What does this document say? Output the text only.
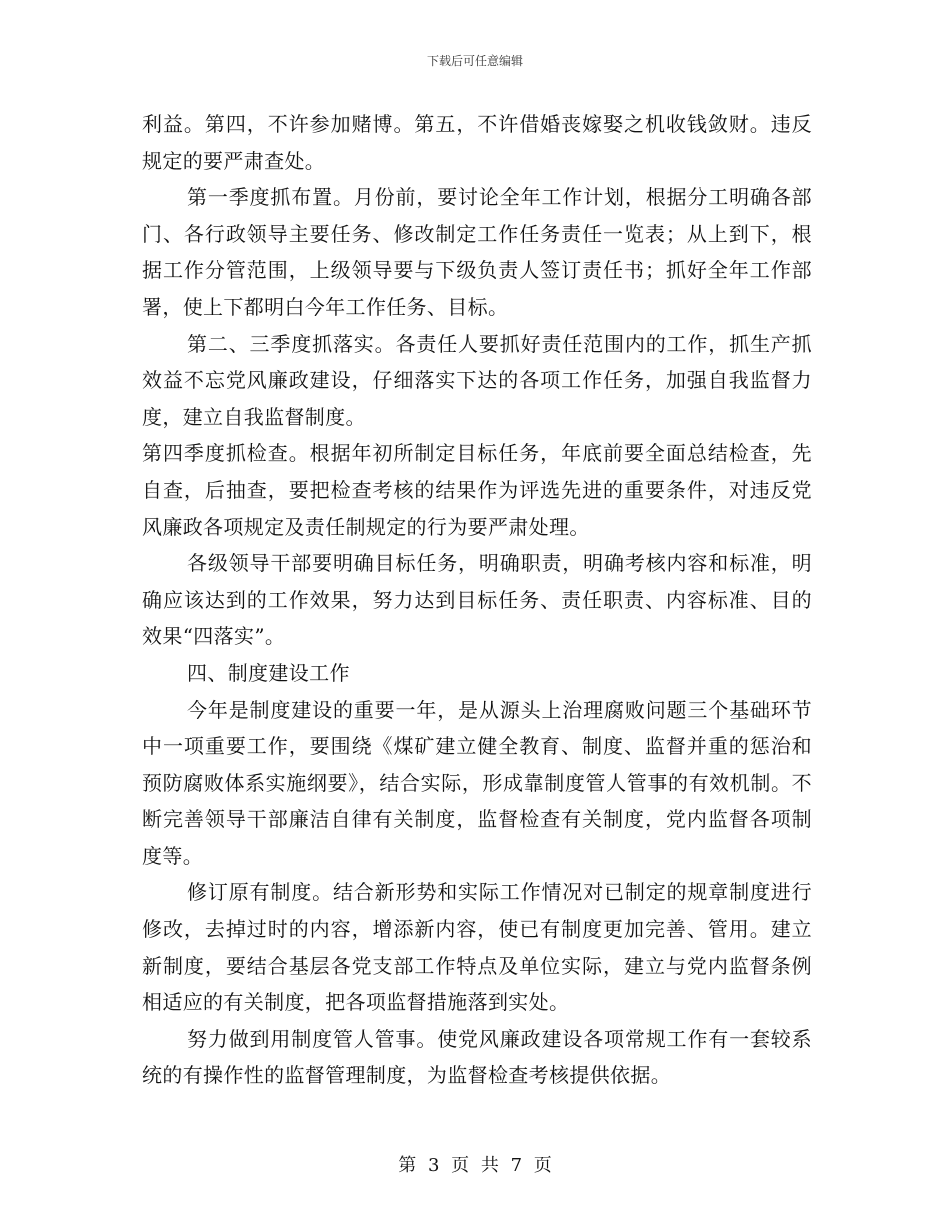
下载后可任意编辑

利益。第四，不许参加赌博。第五，不许借婚丧嫁娶之机收钱敛财。违反规定的要严肃查处。

第一季度抓布置。月份前，要讨论全年工作计划，根据分工明确各部门、各行政领导主要任务、修改制定工作任务责任一览表；从上到下，根据工作分管范围，上级领导要与下级负责人签订责任书；抓好全年工作部署，使上下都明白今年工作任务、目标。

第二、三季度抓落实。各责任人要抓好责任范围内的工作，抓生产抓效益不忘党风廉政建设，仔细落实下达的各项工作任务，加强自我监督力度，建立自我监督制度。

第四季度抓检查。根据年初所制定目标任务，年底前要全面总结检查，先自查，后抽查，要把检查考核的结果作为评选先进的重要条件，对违反党风廉政各项规定及责任制规定的行为要严肃处理。

各级领导干部要明确目标任务，明确职责，明确考核内容和标准，明确应该达到的工作效果，努力达到目标任务、责任职责、内容标准、目的效果“四落实”。

四、制度建设工作

今年是制度建设的重要一年，是从源头上治理腐败问题三个基础环节中一项重要工作，要围绕《煤矿建立健全教育、制度、监督并重的惩治和预防腐败体系实施纲要》，结合实际，形成靠制度管人管事的有效机制。不断完善领导干部廉洁自律有关制度，监督检查有关制度，党内监督各项制度等。

修订原有制度。结合新形势和实际工作情况对已制定的规章制度进行修改，去掉过时的内容，增添新内容，使已有制度更加完善、管用。建立新制度，要结合基层各党支部工作特点及单位实际，建立与党内监督条例相适应的有关制度，把各项监督措施落到实处。

努力做到用制度管人管事。使党风廉政建设各项常规工作有一套较系统的有操作性的监督管理制度，为监督检查考核提供依据。

第 3 页 共 7 页
